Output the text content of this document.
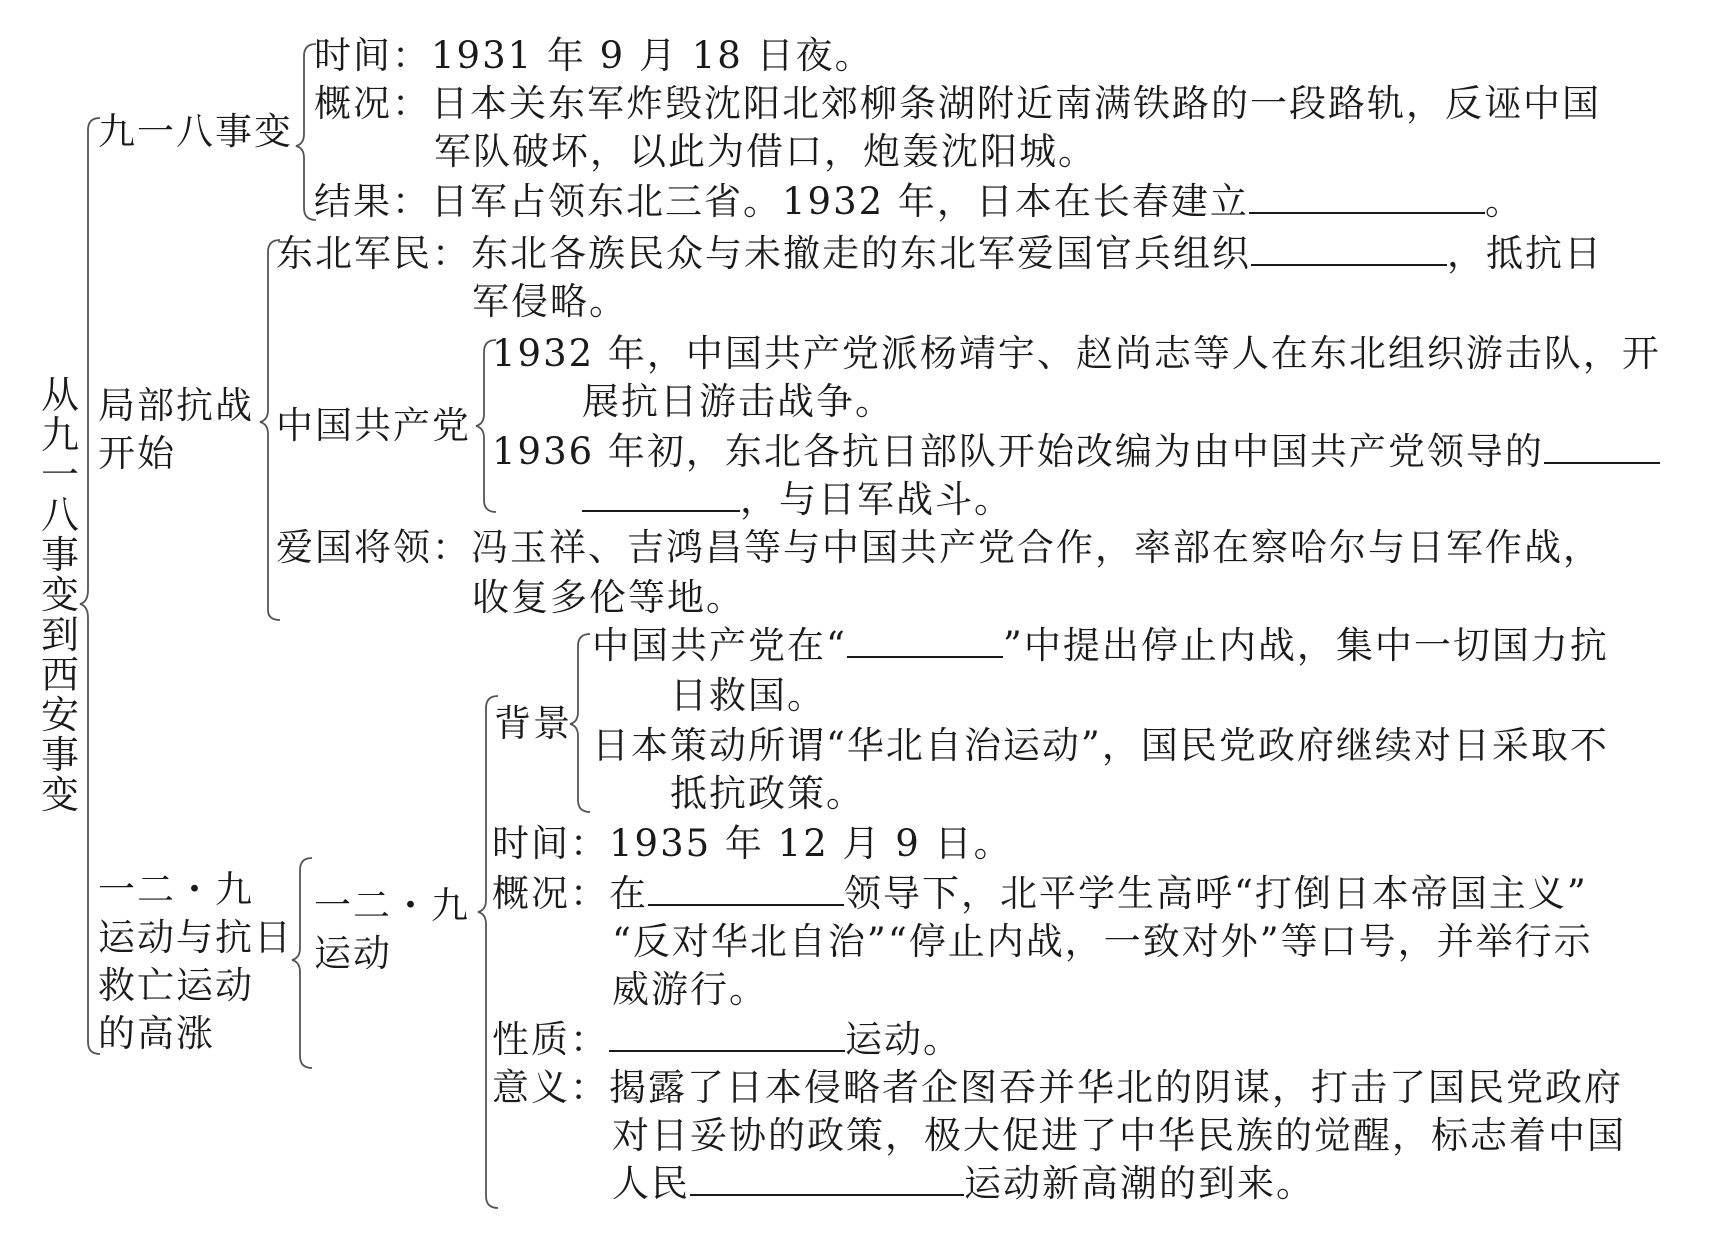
从九一八事变到西安事变
九一八事变
时间：1931 年 9 月 18 日夜。
概况：日本关东军炸毁沈阳北郊柳条湖附近南满铁路的一段路轨，反诬中国
军队破坏，以此为借口，炮轰沈阳城。
结果：日军占领东北三省。1932 年，日本在长春建立	。
局部抗战
开始
东北军民：东北各族民众与未撤走的东北军爱国官兵组织	，抵抗日
军侵略。
中国共产党
1932 年，中国共产党派杨靖宇、赵尚志等人在东北组织游击队，开
展抗日游击战争。
1936 年初，东北各抗日部队开始改编为由中国共产党领导的
，与日军战斗。
爱国将领：冯玉祥、吉鸿昌等与中国共产党合作，率部在察哈尔与日军作战，
收复多伦等地。
一二・九
运动与抗日
救亡运动
的高涨
一二・九
运动
背景
中国共产党在“	”中提出停止内战，集中一切国力抗
日救国。
日本策动所谓“华北自治运动”，国民党政府继续对日采取不
抵抗政策。
时间：1935 年 12 月 9 日。
概况：在	领导下，北平学生高呼“打倒日本帝国主义”
“反对华北自治”“停止内战，一致对外”等口号，并举行示
威游行。
性质：	运动。
意义：揭露了日本侵略者企图吞并华北的阴谋，打击了国民党政府
对日妥协的政策，极大促进了中华民族的觉醒，标志着中国
人民	运动新高潮的到来。
